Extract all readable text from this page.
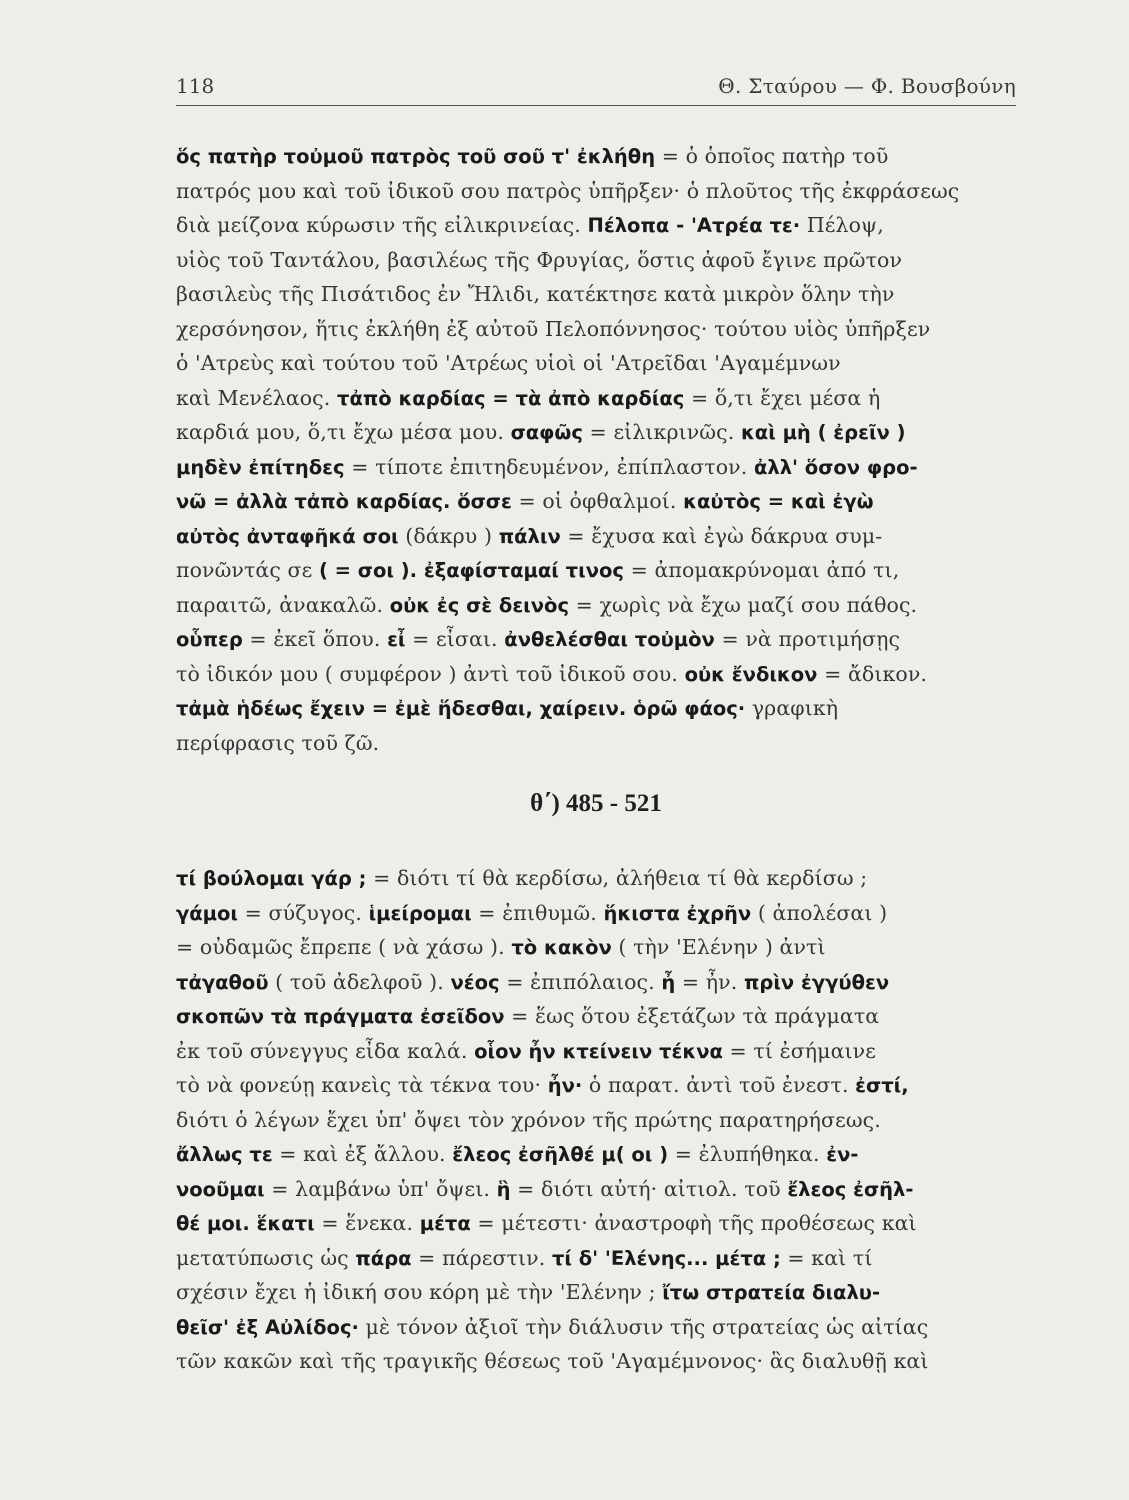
118	Θ. Σταύρου — Φ. Βουσβούνη
ὅς πατὴρ τοὐμοῦ πατρὸς τοῦ σοῦ τ' ἐκλήθη = ὁ ὁποῖος πατὴρ τοῦ
πατρός μου καὶ τοῦ ἰδικοῦ σου πατρὸς ὑπῆρξεν· ὁ πλοῦτος τῆς ἐκφράσεως
διὰ μείζονα κύρωσιν τῆς εἰλικρινείας. Πέλοπα - 'Ατρέα τε· Πέλοψ,
υἱὸς τοῦ Ταντάλου, βασιλέως τῆς Φρυγίας, ὅστις ἀφοῦ ἔγινε πρῶτον
βασιλεὺς τῆς Πισάτιδος ἐν Ἤλιδι, κατέκτησε κατὰ μικρὸν ὅλην τὴν
χερσόνησον, ἥτις ἐκλήθη ἐξ αὐτοῦ Πελοπόννησος· τούτου υἱὸς ὑπῆρξεν
ὁ 'Ατρεὺς καὶ τούτου τοῦ 'Ατρέως υἱοὶ οἱ 'Ατρεῖδαι 'Αγαμέμνων
καὶ Μενέλαος. τἀπὸ καρδίας = τὰ ἀπὸ καρδίας = ὅ,τι ἔχει μέσα ἡ
καρδιά μου, ὅ,τι ἔχω μέσα μου. σαφῶς = εἰλικρινῶς. καὶ μὴ ( ἐρεῖν )
μηδὲν ἐπίτηδες = τίποτε ἐπιτηδευμένον, ἐπίπλαστον. ἀλλ' ὅσον φρο-
νῶ = ἀλλὰ τἀπὸ καρδίας. ὅσσε = οἱ ὀφθαλμοί. καὐτὸς = καὶ ἐγὼ
αὐτὸς ἀνταφῆκά σοι (δάκρυ ) πάλιν = ἔχυσα καὶ ἐγὼ δάκρυα συμ-
πονῶντάς σε ( = σοι ). ἐξαφίσταμαί τινος = ἀπομακρύνομαι ἀπό τι,
παραιτῶ, ἀνακαλῶ. οὐκ ἐς σὲ δεινὸς = χωρὶς νὰ ἔχω μαζί σου πάθος.
οὗπερ = ἐκεῖ ὅπου. εἶ = εἶσαι. ἀνθελέσθαι τοὐμὸν = νὰ προτιμήσῃς
τὸ ἰδικόν μου ( συμφέρον ) ἀντὶ τοῦ ἰδικοῦ σου. οὐκ ἔνδικον = ἄδικον.
τἀμὰ ἡδέως ἔχειν = ἐμὲ ἥδεσθαι, χαίρειν. ὁρῶ φάος· γραφικὴ
περίφρασις τοῦ ζῶ.
θ΄) 485 - 521
τί βούλομαι γάρ ; = διότι τί θὰ κερδίσω, ἀλήθεια τί θὰ κερδίσω ;
γάμοι = σύζυγος. ἱμείρομαι = ἐπιθυμῶ. ἥκιστα ἐχρῆν ( ἀπολέσαι )
= οὐδαμῶς ἔπρεπε ( νὰ χάσω ). τὸ κακὸν ( τὴν 'Ελένην ) ἀντὶ
τἀγαθοῦ ( τοῦ ἀδελφοῦ ). νέος = ἐπιπόλαιος. ἦ = ἦν. πρὶν ἐγγύθεν
σκοπῶν τὰ πράγματα ἐσεῖδον = ἕως ὅτου ἐξετάζων τὰ πράγματα
ἐκ τοῦ σύνεγγυς εἶδα καλά. οἷον ἦν κτείνειν τέκνα = τί ἐσήμαινε
τὸ νὰ φονεύῃ κανεὶς τὰ τέκνα του· ἦν· ὁ παρατ. ἀντὶ τοῦ ἐνεστ. ἐστί,
διότι ὁ λέγων ἔχει ὑπ' ὄψει τὸν χρόνον τῆς πρώτης παρατηρήσεως.
ἄλλως τε = καὶ ἐξ ἄλλου. ἔλεος ἐσῆλθέ μ( οι ) = ἐλυπήθηκα. ἐν-
νοοῦμαι = λαμβάνω ὑπ' ὄψει. ἣ = διότι αὐτή· αἰτιολ. τοῦ ἔλεος ἐσῆλ-
θέ μοι. ἕκατι = ἕνεκα. μέτα = μέτεστι· ἀναστροφὴ τῆς προθέσεως καὶ
μετατύπωσις ὡς πάρα = πάρεστιν. τί δ' 'Ελένης... μέτα ; = καὶ τί
σχέσιν ἔχει ἡ ἰδική σου κόρη μὲ τὴν 'Ελένην ; ἴτω στρατεία διαλυ-
θεῖσ' ἐξ Αὐλίδος· μὲ τόνον ἀξιοῖ τὴν διάλυσιν τῆς στρατείας ὡς αἰτίας
τῶν κακῶν καὶ τῆς τραγικῆς θέσεως τοῦ 'Αγαμέμνονος· ἃς διαλυθῇ καὶ
